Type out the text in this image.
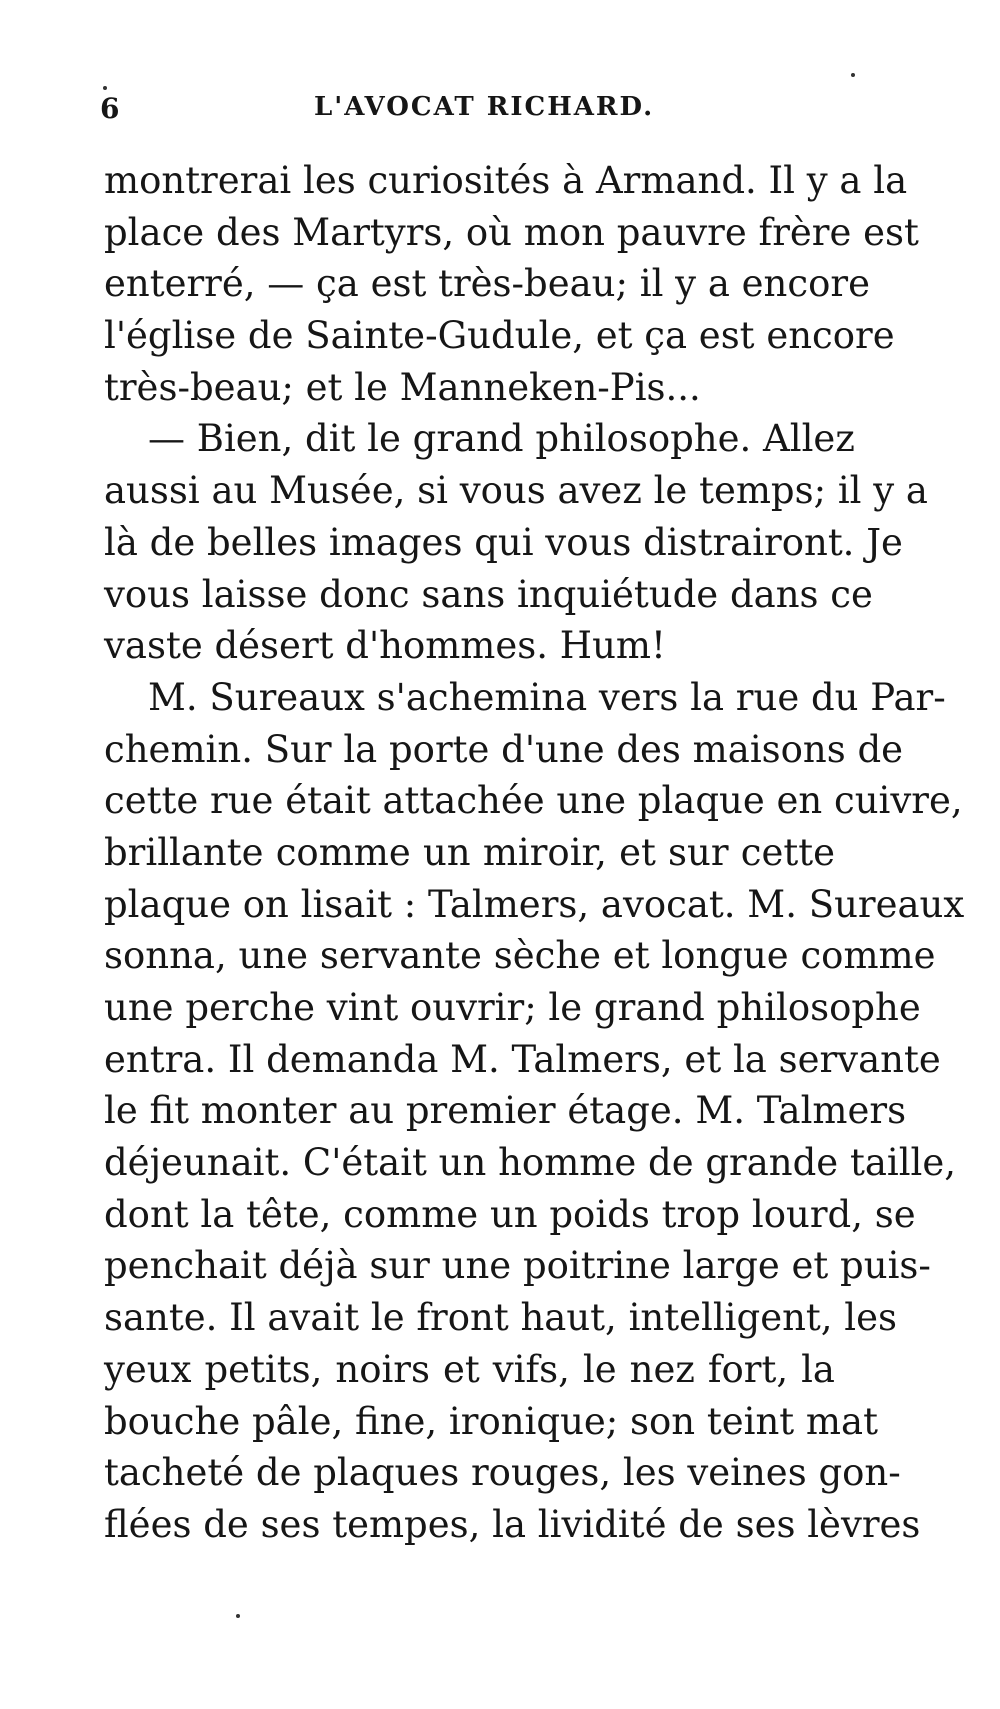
6	L'AVOCAT RICHARD.
montrerai les curiosités à Armand. Il y a la
place des Martyrs, où mon pauvre frère est
enterré, — ça est très-beau; il y a encore
l'église de Sainte-Gudule, et ça est encore
très-beau; et le Manneken-Pis...
— Bien, dit le grand philosophe. Allez
aussi au Musée, si vous avez le temps; il y a
là de belles images qui vous distrairont. Je
vous laisse donc sans inquiétude dans ce
vaste désert d'hommes. Hum!
M. Sureaux s'achemina vers la rue du Par-
chemin. Sur la porte d'une des maisons de
cette rue était attachée une plaque en cuivre,
brillante comme un miroir, et sur cette
plaque on lisait : Talmers, avocat. M. Sureaux
sonna, une servante sèche et longue comme
une perche vint ouvrir; le grand philosophe
entra. Il demanda M. Talmers, et la servante
le fit monter au premier étage. M. Talmers
déjeunait. C'était un homme de grande taille,
dont la tête, comme un poids trop lourd, se
penchait déjà sur une poitrine large et puis-
sante. Il avait le front haut, intelligent, les
yeux petits, noirs et vifs, le nez fort, la
bouche pâle, fine, ironique; son teint mat
tacheté de plaques rouges, les veines gon-
flées de ses tempes, la lividité de ses lèvres
